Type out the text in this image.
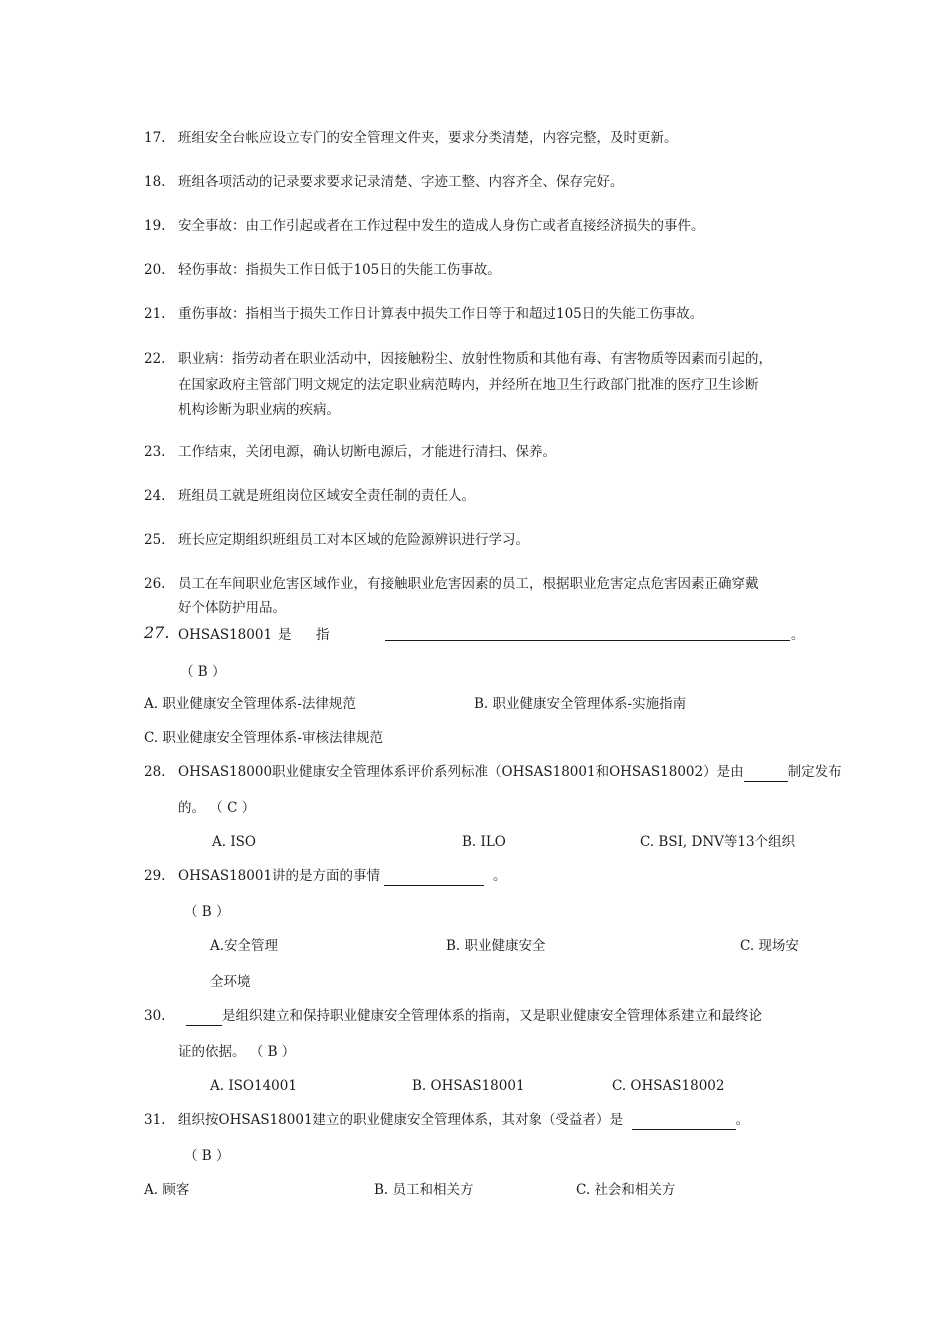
17. 班组安全台帐应设立专门的安全管理文件夹，要求分类清楚，内容完整，及时更新。
18. 班组各项活动的记录要求要求记录清楚、字迹工整、内容齐全、保存完好。
19. 安全事故：由工作引起或者在工作过程中发生的造成人身伤亡或者直接经济损失的事件。
20. 轻伤事故：指损失工作日低于105日的失能工伤事故。
21. 重伤事故：指相当于损失工作日计算表中损失工作日等于和超过105日的失能工伤事故。
22. 职业病：指劳动者在职业活动中，因接触粉尘、放射性物质和其他有毒、有害物质等因素而引起的，
在国家政府主管部门明文规定的法定职业病范畴内，并经所在地卫生行政部门批准的医疗卫生诊断
机构诊断为职业病的疾病。
23. 工作结束，关闭电源，确认切断电源后，才能进行清扫、保养。
24. 班组员工就是班组岗位区域安全责任制的责任人。
25. 班长应定期组织班组员工对本区域的危险源辨识进行学习。
26. 员工在车间职业危害区域作业，有接触职业危害因素的员工，根据职业危害定点危害因素正确穿戴
好个体防护用品。
27. OHSAS18001 是 指	。
（ B ）
A. 职业健康安全管理体系-法律规范	B. 职业健康安全管理体系-实施指南
C. 职业健康安全管理体系-审核法律规范
28. OHSAS18000职业健康安全管理体系评价系列标准（OHSAS18001和OHSAS18002）是由	制定发布
的。 （ C ）
A. ISO	B. ILO	C. BSI, DNV等13个组织
29. OHSAS18001讲的是方面的事情	。
（ B ）
A.安全管理	B. 职业健康安全	C. 现场安
全环境
30.	是组织建立和保持职业健康安全管理体系的指南，又是职业健康安全管理体系建立和最终论
证的依据。 （ B ）
A. ISO14001	B. OHSAS18001	C. OHSAS18002
31. 组织按OHSAS18001建立的职业健康安全管理体系，其对象（受益者）是	。
（ B ）
A. 顾客	B. 员工和相关方	C. 社会和相关方
